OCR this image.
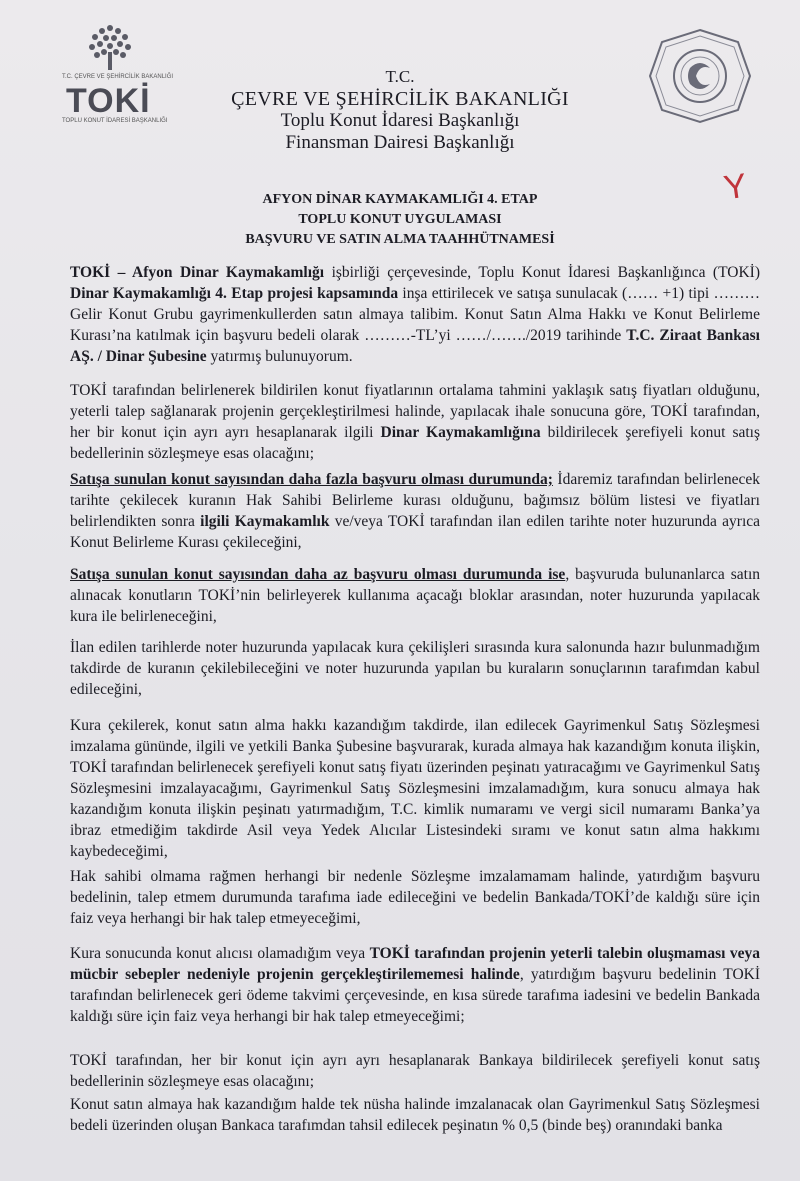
T.C. ÇEVRE VE ŞEHİRCİLİK BAKANLIĞI
TOKİ
TOPLU KONUT İDARESİ BAŞKANLIĞI
Y
T.C.
ÇEVRE VE ŞEHİRCİLİK BAKANLIĞI
Toplu Konut İdaresi Başkanlığı
Finansman Dairesi Başkanlığı
AFYON DİNAR KAYMAKAMLIĞI 4. ETAP
TOPLU KONUT UYGULAMASI
BAŞVURU VE SATIN ALMA TAAHHÜTNAMESİ

TOKİ – Afyon Dinar Kaymakamlığı işbirliği çerçevesinde, Toplu Konut İdaresi Başkanlığınca (TOKİ) Dinar Kaymakamlığı 4. Etap projesi kapsamında inşa ettirilecek ve satışa sunulacak (…… +1) tipi ……… Gelir Konut Grubu gayrimenkullerden satın almaya talibim. Konut Satın Alma Hakkı ve Konut Belirleme Kurası’na katılmak için başvuru bedeli olarak ………-TL’yi ……/……./2019 tarihinde T.C. Ziraat Bankası AŞ. / Dinar Şubesine yatırmış bulunuyorum.

TOKİ tarafından belirlenerek bildirilen konut fiyatlarının ortalama tahmini yaklaşık satış fiyatları olduğunu, yeterli talep sağlanarak projenin gerçekleştirilmesi halinde, yapılacak ihale sonucuna göre, TOKİ tarafından, her bir konut için ayrı ayrı hesaplanarak ilgili Dinar Kaymakamlığına bildirilecek şerefiyeli konut satış bedellerinin sözleşmeye esas olacağını;

Satışa sunulan konut sayısından daha fazla başvuru olması durumunda; İdaremiz tarafından belirlenecek tarihte çekilecek kuranın Hak Sahibi Belirleme kurası olduğunu, bağımsız bölüm listesi ve fiyatları belirlendikten sonra ilgili Kaymakamlık ve/veya TOKİ tarafından ilan edilen tarihte noter huzurunda ayrıca Konut Belirleme Kurası çekileceğini,

Satışa sunulan konut sayısından daha az başvuru olması durumunda ise, başvuruda bulunanlarca satın alınacak konutların TOKİ’nin belirleyerek kullanıma açacağı bloklar arasından, noter huzurunda yapılacak kura ile belirleneceğini,

İlan edilen tarihlerde noter huzurunda yapılacak kura çekilişleri sırasında kura salonunda hazır bulunmadığım takdirde de kuranın çekilebileceğini ve noter huzurunda yapılan bu kuraların sonuçlarının tarafımdan kabul edileceğini,

Kura çekilerek, konut satın alma hakkı kazandığım takdirde, ilan edilecek Gayrimenkul Satış Sözleşmesi imzalama gününde, ilgili ve yetkili Banka Şubesine başvurarak, kurada almaya hak kazandığım konuta ilişkin, TOKİ tarafından belirlenecek şerefiyeli konut satış fiyatı üzerinden peşinatı yatıracağımı ve Gayrimenkul Satış Sözleşmesini imzalayacağımı, Gayrimenkul Satış Sözleşmesini imzalamadığım, kura sonucu almaya hak kazandığım konuta ilişkin peşinatı yatırmadığım, T.C. kimlik numaramı ve vergi sicil numaramı Banka’ya ibraz etmediğim takdirde Asil veya Yedek Alıcılar Listesindeki sıramı ve konut satın alma hakkımı kaybedeceğimi,

Hak sahibi olmama rağmen herhangi bir nedenle Sözleşme imzalamamam halinde, yatırdığım başvuru bedelinin, talep etmem durumunda tarafıma iade edileceğini ve bedelin Bankada/TOKİ’de kaldığı süre için faiz veya herhangi bir hak talep etmeyeceğimi,

Kura sonucunda konut alıcısı olamadığım veya TOKİ tarafından projenin yeterli talebin oluşmaması veya mücbir sebepler nedeniyle projenin gerçekleştirilememesi halinde, yatırdığım başvuru bedelinin TOKİ tarafından belirlenecek geri ödeme takvimi çerçevesinde, en kısa sürede tarafıma iadesini ve bedelin Bankada kaldığı süre için faiz veya herhangi bir hak talep etmeyeceğimi;

TOKİ tarafından, her bir konut için ayrı ayrı hesaplanarak Bankaya bildirilecek şerefiyeli konut satış bedellerinin sözleşmeye esas olacağını;

Konut satın almaya hak kazandığım halde tek nüsha halinde imzalanacak olan Gayrimenkul Satış Sözleşmesi bedeli üzerinden oluşan Bankaca tarafımdan tahsil edilecek peşinatın % 0,5 (binde beş) oranındaki banka
